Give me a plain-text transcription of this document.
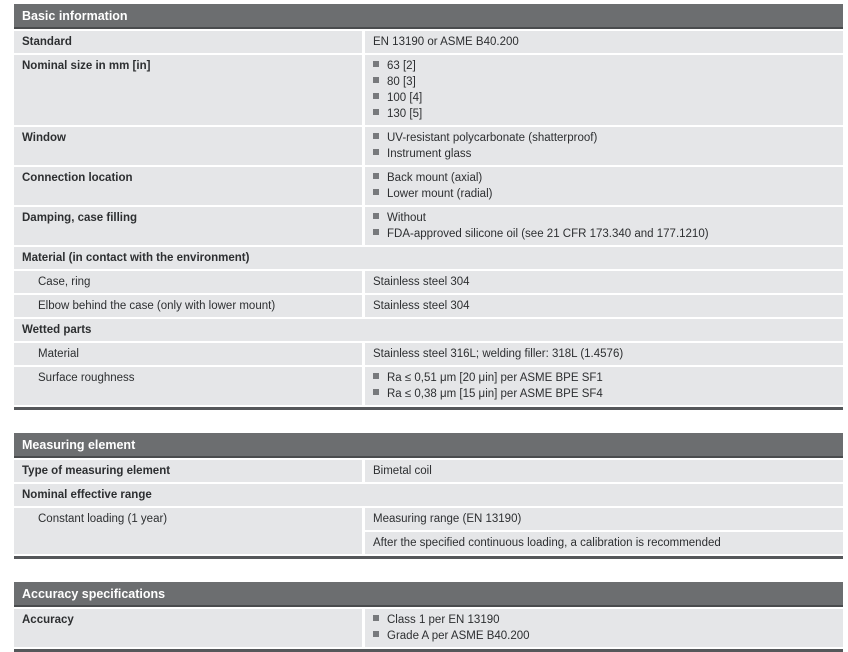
Basic information
Standard	EN 13190 or ASME B40.200
Nominal size in mm [in]	63 [2]
80 [3]
100 [4]
130 [5]
Window	UV-resistant polycarbonate (shatterproof)
Instrument glass
Connection location	Back mount (axial)
Lower mount (radial)
Damping, case filling	Without
FDA-approved silicone oil (see 21 CFR 173.340 and 177.1210)
Material (in contact with the environment)
Case, ring	Stainless steel 304
Elbow behind the case (only with lower mount)	Stainless steel 304
Wetted parts
Material	Stainless steel 316L; welding filler: 318L (1.4576)
Surface roughness	Ra ≤ 0,51 μm [20 μin] per ASME BPE SF1
Ra ≤ 0,38 μm [15 μin] per ASME BPE SF4
Measuring element
Type of measuring element	Bimetal coil
Nominal effective range
Constant loading (1 year)	Measuring range (EN 13190)
After the specified continuous loading, a calibration is recommended
Accuracy specifications
Accuracy	Class 1 per EN 13190
Grade A per ASME B40.200
